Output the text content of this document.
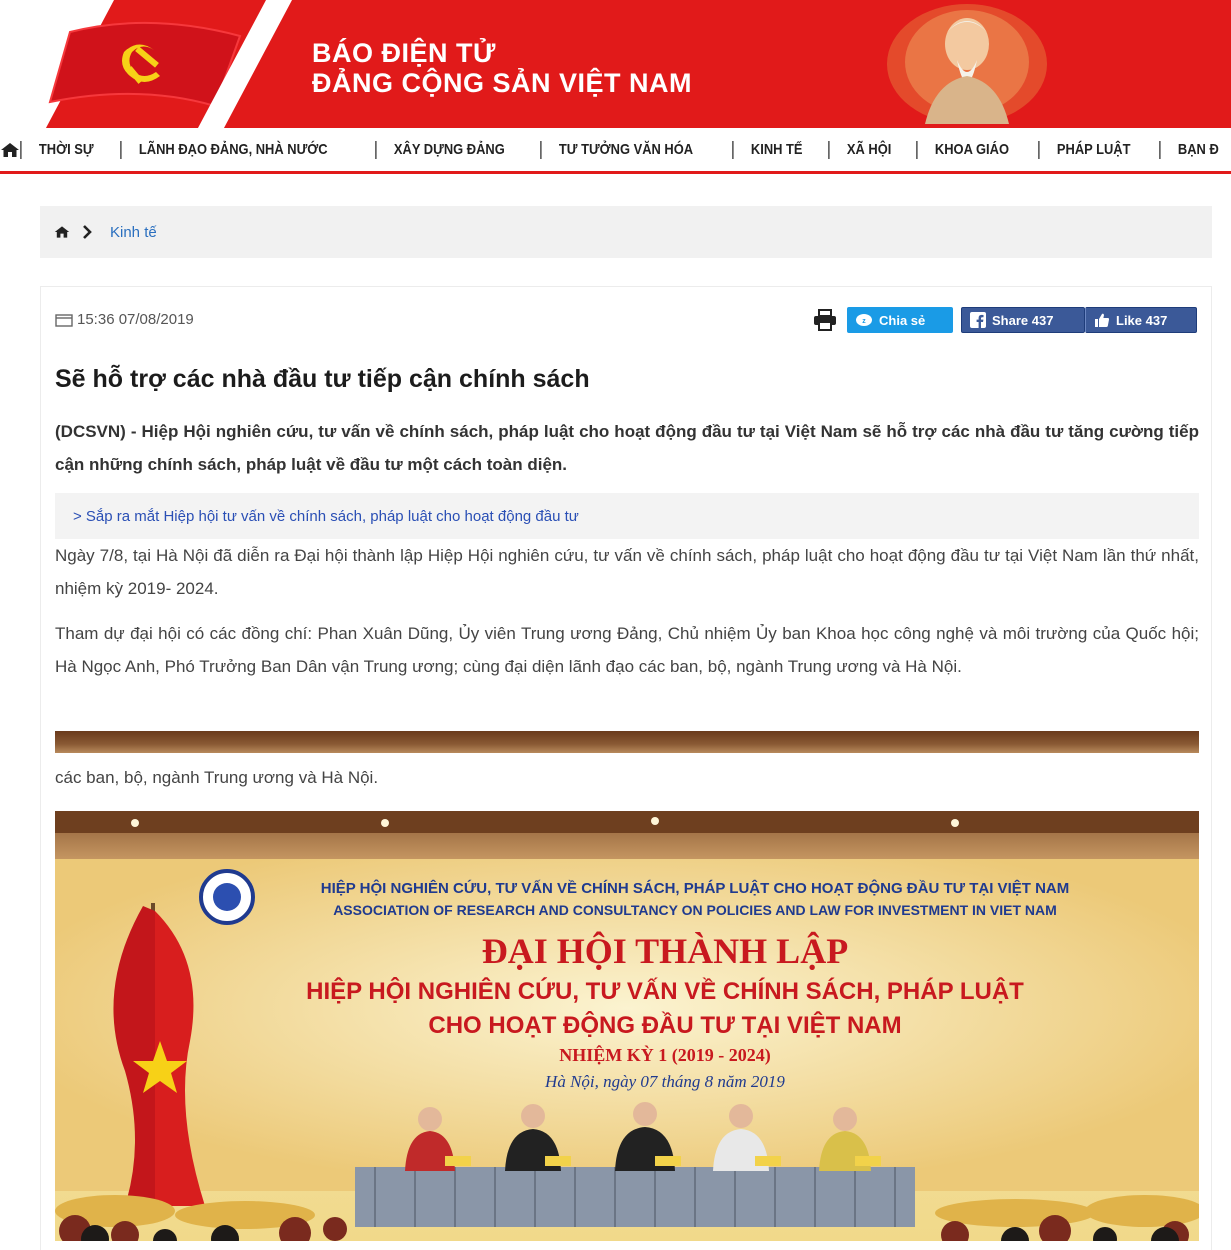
BÁO ĐIỆN TỬ
ĐẢNG CỘNG SẢN VIỆT NAM
THỜI SỰ	LÃNH ĐẠO ĐẢNG, NHÀ NƯỚC	XÂY DỰNG ĐẢNG	TƯ TƯỞNG VĂN HÓA	KINH TẾ	XÃ HỘI	KHOA GIÁO	PHÁP LUẬT	BẠN Đ
Kinh tế
15:36 07/08/2019	z Chia sẻ	Share 437	Like 437
Sẽ hỗ trợ các nhà đầu tư tiếp cận chính sách
(DCSVN) - Hiệp Hội nghiên cứu, tư vấn về chính sách, pháp luật cho hoạt động đầu tư tại Việt Nam sẽ hỗ trợ các nhà đầu tư tăng cường tiếp cận những chính sách, pháp luật về đầu tư một cách toàn diện.
> Sắp ra mắt Hiệp hội tư vấn về chính sách, pháp luật cho hoạt động đầu tư
Ngày 7/8, tại Hà Nội đã diễn ra Đại hội thành lập Hiệp Hội nghiên cứu, tư vấn về chính sách, pháp luật cho hoạt động đầu tư tại Việt Nam lần thứ nhất, nhiệm kỳ 2019- 2024.
Tham dự đại hội có các đồng chí: Phan Xuân Dũng, Ủy viên Trung ương Đảng, Chủ nhiệm Ủy ban Khoa học công nghệ và môi trường của Quốc hội; Hà Ngọc Anh, Phó Trưởng Ban Dân vận Trung ương; cùng đại diện lãnh đạo các ban, bộ, ngành Trung ương và Hà Nội.
các ban, bộ, ngành Trung ương và Hà Nội.
HIỆP HỘI NGHIÊN CỨU, TƯ VẤN VỀ CHÍNH SÁCH, PHÁP LUẬT CHO HOẠT ĐỘNG ĐẦU TƯ TẠI VIỆT NAM
ASSOCIATION OF RESEARCH AND CONSULTANCY ON POLICIES AND LAW FOR INVESTMENT IN VIET NAM
ĐẠI HỘI THÀNH LẬP
HIỆP HỘI NGHIÊN CỨU, TƯ VẤN VỀ CHÍNH SÁCH, PHÁP LUẬT
CHO HOẠT ĐỘNG ĐẦU TƯ TẠI VIỆT NAM
NHIỆM KỲ 1 (2019 - 2024)
Hà Nội, ngày 07 tháng 8 năm 2019
